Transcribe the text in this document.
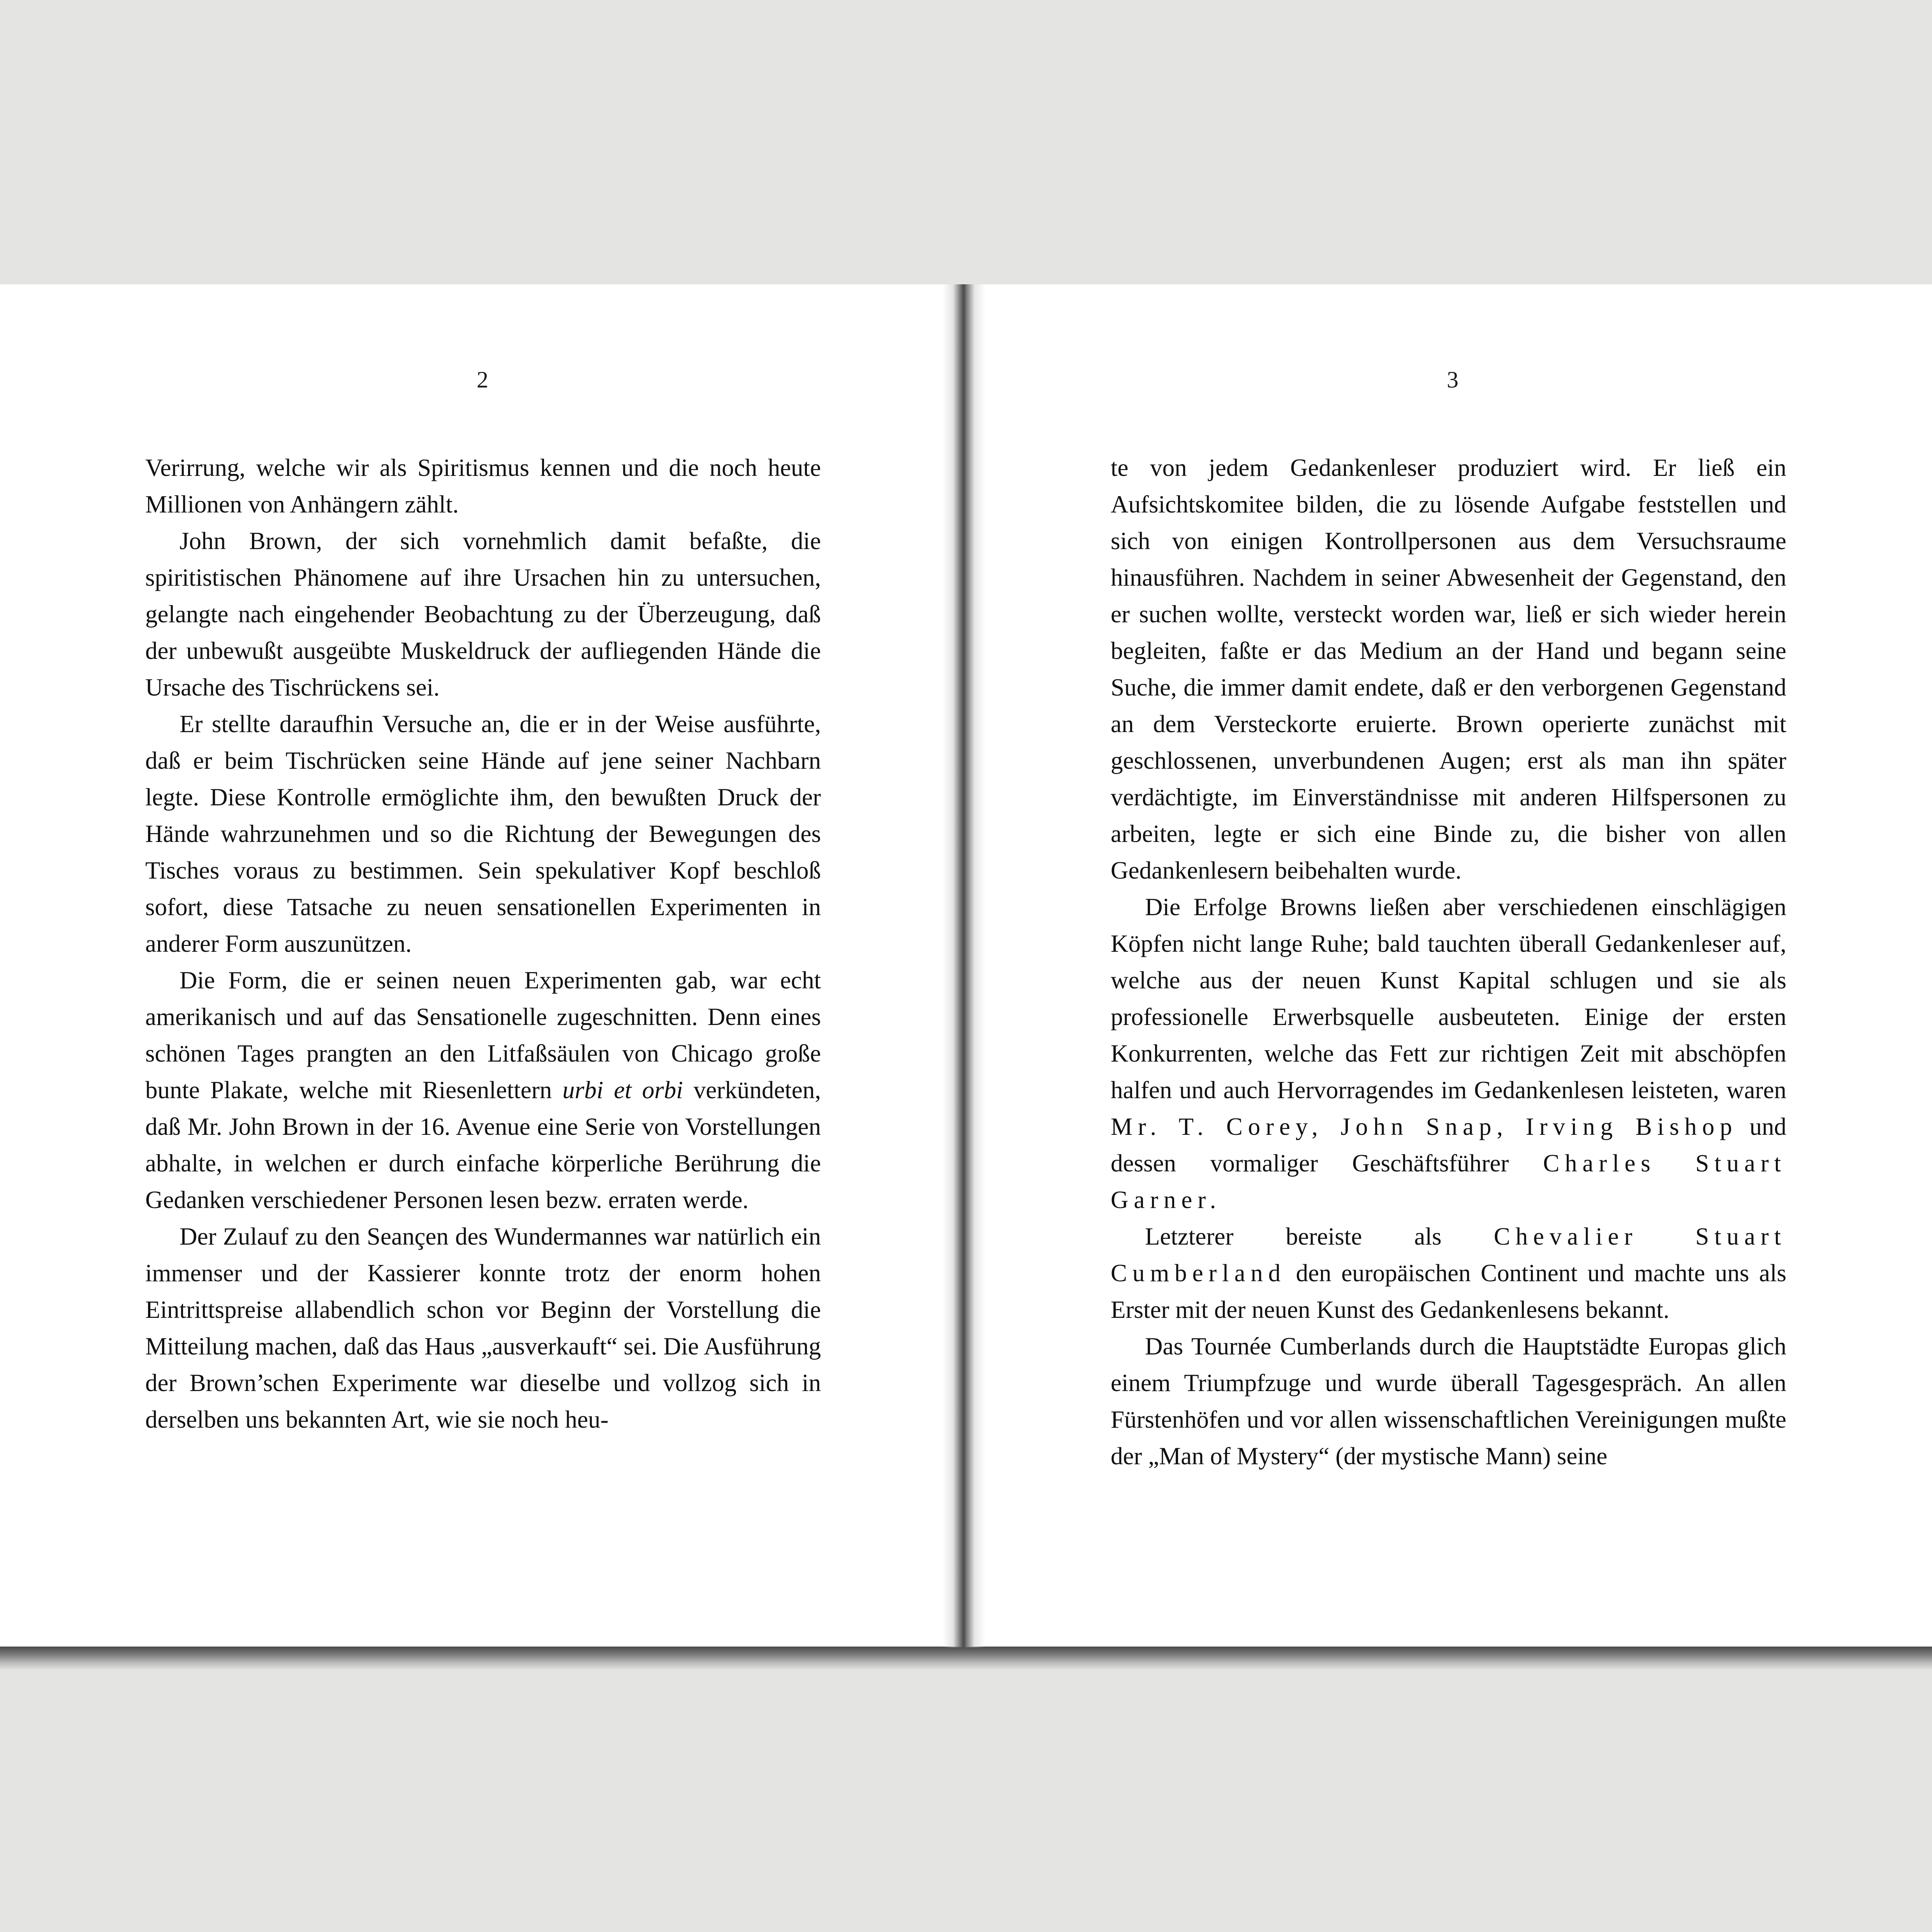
2

Verirrung, welche wir als Spiritismus kennen und die noch heute Millionen von Anhängern zählt.

John Brown, der sich vornehmlich damit befaßte, die spiritistischen Phänomene auf ihre Ursachen hin zu untersuchen, gelangte nach eingehender Beobachtung zu der Überzeugung, daß der unbewußt ausgeübte Muskeldruck der aufliegenden Hände die Ursache des Tischrückens sei.

Er stellte daraufhin Versuche an, die er in der Weise ausführte, daß er beim Tischrücken seine Hände auf jene seiner Nachbarn legte. Diese Kontrolle ermöglichte ihm, den bewußten Druck der Hände wahrzunehmen und so die Richtung der Bewegungen des Tisches voraus zu bestimmen. Sein spekulativer Kopf beschloß sofort, diese Tatsache zu neuen sensationellen Experimenten in anderer Form auszunützen.

Die Form, die er seinen neuen Experimenten gab, war echt amerikanisch und auf das Sensationelle zugeschnitten. Denn eines schönen Tages prangten an den Litfaßsäulen von Chicago große bunte Plakate, welche mit Riesenlettern urbi et orbi verkündeten, daß Mr. John Brown in der 16. Avenue eine Serie von Vorstellungen abhalte, in welchen er durch einfache körperliche Berührung die Gedanken verschiedener Personen lesen bezw. erraten werde.

Der Zulauf zu den Seançen des Wundermannes war natürlich ein immenser und der Kassierer konnte trotz der enorm hohen Eintrittspreise allabendlich schon vor Beginn der Vorstellung die Mitteilung machen, daß das Haus „ausverkauft“ sei. Die Ausführung der Brown’schen Experimente war dieselbe und vollzog sich in derselben uns bekannten Art, wie sie noch heu-

3

te von jedem Gedankenleser produziert wird. Er ließ ein Aufsichtskomitee bilden, die zu lösende Aufgabe feststellen und sich von einigen Kontrollpersonen aus dem Versuchsraume hinausführen. Nachdem in seiner Abwesenheit der Gegenstand, den er suchen wollte, versteckt worden war, ließ er sich wieder herein begleiten, faßte er das Medium an der Hand und begann seine Suche, die immer damit endete, daß er den verborgenen Gegenstand an dem Versteckorte eruierte. Brown operierte zunächst mit geschlossenen, unverbundenen Augen; erst als man ihn später verdächtigte, im Einverständnisse mit anderen Hilfspersonen zu arbeiten, legte er sich eine Binde zu, die bisher von allen Gedankenlesern beibehalten wurde.

Die Erfolge Browns ließen aber verschiedenen einschlägigen Köpfen nicht lange Ruhe; bald tauchten überall Gedankenleser auf, welche aus der neuen Kunst Kapital schlugen und sie als professionelle Erwerbsquelle ausbeuteten. Einige der ersten Konkurrenten, welche das Fett zur richtigen Zeit mit abschöpfen halfen und auch Hervorragendes im Gedankenlesen leisteten, waren Mr. T. Corey, John Snap, Irving Bishop und dessen vormaliger Geschäftsführer Charles Stuart Garner.

Letzterer bereiste als Chevalier Stuart Cumberland den europäischen Continent und machte uns als Erster mit der neuen Kunst des Gedankenlesens bekannt.

Das Tournée Cumberlands durch die Hauptstädte Europas glich einem Triumpfzuge und wurde überall Tagesgespräch. An allen Fürstenhöfen und vor allen wissenschaftlichen Vereinigungen mußte der „Man of Mystery“ (der mystische Mann) seine
